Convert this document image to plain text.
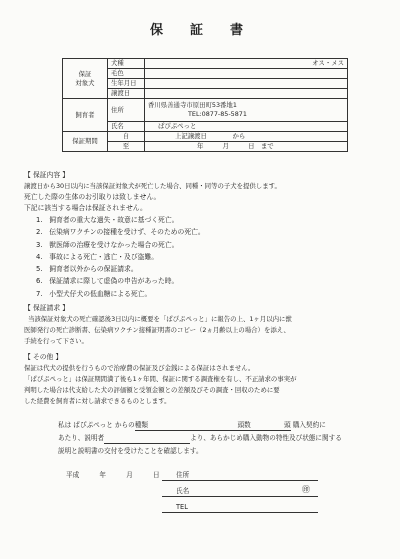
保　証　書
保証
対象犬	犬種	オス・メス

	毛色	
	生年月日	
	譲渡日	
飼育者	住所	香川県善通寺市原田町53番地1
TEL:0877-85-5871

	氏名	ぱぴぷぺっと
保証期間	自	上記譲渡日　　　　から
	至	年　　　月　　　日　まで
【 保証内容 】
譲渡日から30日以内に当該保証対象犬が死亡した場合、同種・同等の子犬を提供します。
死亡した際の生体のお引取りは致しません。
下記に該当する場合は保証されません。
1.　飼育者の重大な過失・故意に基づく死亡。
2.　伝染病ワクチンの接種を受けず、そのための死亡。
3.　獣医師の治療を受けなかった場合の死亡。
4.　事故による死亡・逃亡・及び盗難。
5.　飼育者以外からの保証請求。
6.　保証請求に際して虚偽の申告があった時。
7.　小型犬仔犬の低血糖による死亡。
【 保証請求 】
当該保証対象犬の死亡確認後3日以内に概要を「ぱぴぷぺっと」に報告の上、1ヶ月以内に獣
医師発行の死亡診断書、伝染病ワクチン接種証明書のコピー（2ヵ月齢以上の場合）を添え、
手続を行って下さい。
【 その他 】
保証は代犬の提供を行うもので治療費の保証及び金銭による保証はされません。
「ぱぴぷぺっと」は保証期間満了後も1ヶ年間、保証に関する調査権を有し、不正請求の事実が
判明した場合は代支給した犬の評価額と受領金額との差額及びその調査・回収のために要
した経費を飼育者に対し請求できるものとします。
私は ぱぴぷぺっと からの種類	頭数	頭 購入契約に
あたり、説明者	より、あらかじめ購入動物の特性及び状態に関する
説明と説明書の交付を受けたことを確認します。
平成	年	月	日 住所
氏名	㊞
TEL
